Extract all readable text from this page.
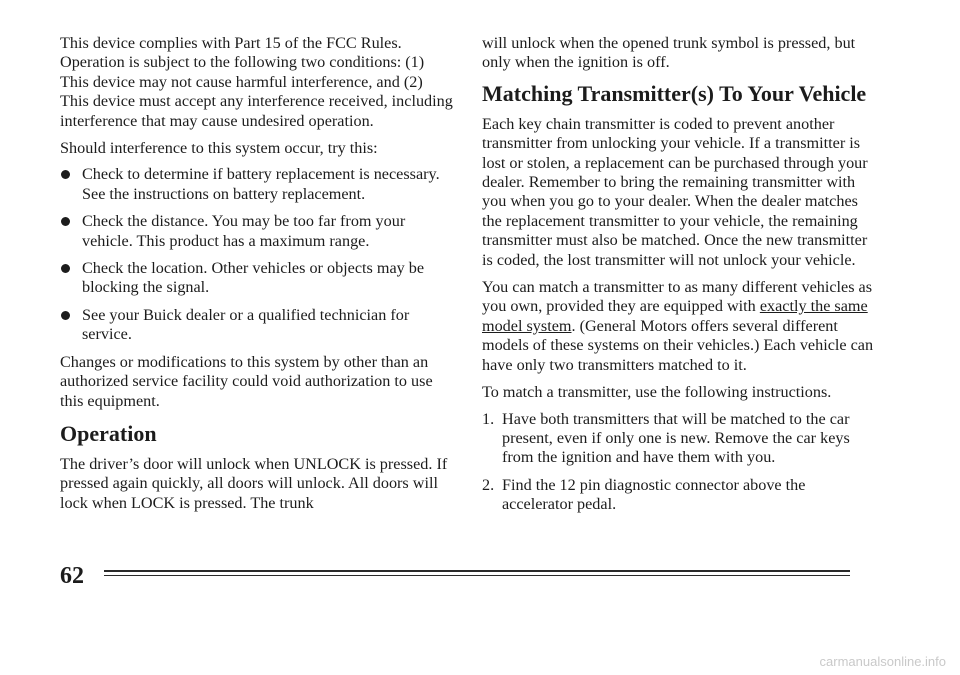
This device complies with Part 15 of the FCC Rules. Operation is subject to the following two conditions: (1) This device may not cause harmful interference, and (2) This device must accept any interference received, including interference that may cause undesired operation.

Should interference to this system occur, try this:

Check to determine if battery replacement is necessary. See the instructions on battery replacement.
Check the distance. You may be too far from your vehicle. This product has a maximum range.
Check the location. Other vehicles or objects may be blocking the signal.
See your Buick dealer or a qualified technician for service.

Changes or modifications to this system by other than an authorized service facility could void authorization to use this equipment.

Operation

The driver’s door will unlock when UNLOCK is pressed. If pressed again quickly, all doors will unlock. All doors will lock when LOCK is pressed. The trunk

will unlock when the opened trunk symbol is pressed, but only when the ignition is off.

Matching Transmitter(s) To Your Vehicle

Each key chain transmitter is coded to prevent another transmitter from unlocking your vehicle. If a transmitter is lost or stolen, a replacement can be purchased through your dealer. Remember to bring the remaining transmitter with you when you go to your dealer. When the dealer matches the replacement transmitter to your vehicle, the remaining transmitter must also be matched. Once the new transmitter is coded, the lost transmitter will not unlock your vehicle.

You can match a transmitter to as many different vehicles as you own, provided they are equipped with exactly the same model system. (General Motors offers several different models of these systems on their vehicles.) Each vehicle can have only two transmitters matched to it.

To match a transmitter, use the following instructions.

1. Have both transmitters that will be matched to the car present, even if only one is new. Remove the car keys from the ignition and have them with you.
2. Find the 12 pin diagnostic connector above the accelerator pedal.
62
carmanualsonline.info
